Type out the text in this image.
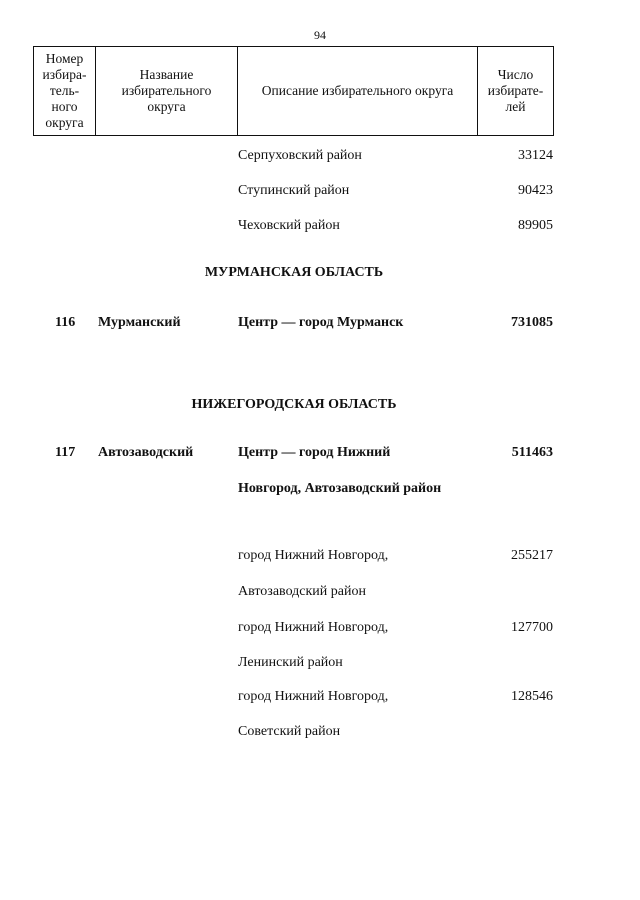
94
Номер
избира-
тель-
ного
округа

Название
избирательного
округа

Описание избирательного округа

Число
избирате-
лей
Серпуховский район	33124
Ступинский район	90423
Чеховский район	89905
МУРМАНСКАЯ ОБЛАСТЬ
116 Мурманский	Центр — город Мурманск	731085
НИЖЕГОРОДСКАЯ ОБЛАСТЬ
117 Автозаводский	Центр — город Нижний	511463
Новгород, Автозаводский район
город Нижний Новгород,	255217
Автозаводский район
город Нижний Новгород,	127700
Ленинский район
город Нижний Новгород,	128546
Советский район
